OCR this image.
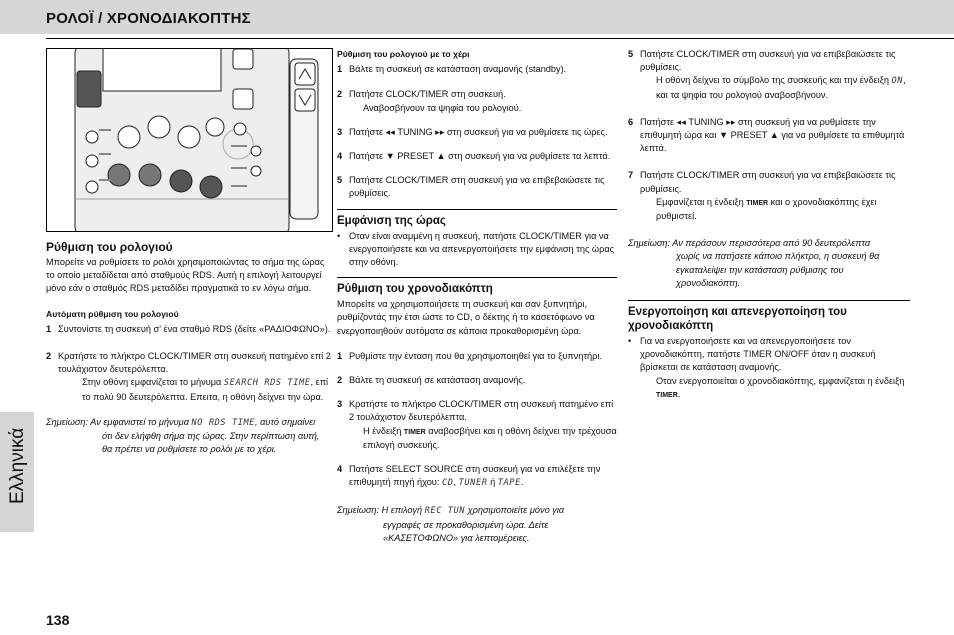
ΡΟΛΟΪ / ΧΡΟΝΟΔΙΑΚΟΠΤΗΣ
Ελληνικά
138
Ρύθμιση του ρολογιού
Μπορείτε να ρυθμίσετε το ρολόι χρησιμοποιώντας το σήμα της ώρας το οποίο μεταδίδεται από σταθμούς RDS. Αυτή η επιλογή λειτουργεί μόνο εάν ο σταθμός RDS μεταδίδει πραγματικά το εν λόγω σήμα.
Αυτόματη ρύθμιση του ρολογιού
1 Συντονίστε τη συσκευή σ' ένα σταθμό RDS (δείτε «ΡΑΔΙΟΦΩΝΟ»).
2 Κρατήστε το πλήκτρο CLOCK/TIMER στη συσκευή πατημένο επί 2 τουλάχιστον δευτερόλεπτα.
Στην οθόνη εμφανίζεται το μήνυμα SEARCH RDS TIME, επί το πολύ 90 δευτερόλεπτα. Επειτα, η οθόνη δείχνει την ώρα.
Σημείωση: Αν εμφανιστεί το μήνυμα NO RDS TIME, αυτό σημαίνει
ότι δεν ελήφθη σήμα της ώρας. Στην περίπτωση αυτή, θα πρέπει να ρυθμίσετε το ρολόι με το χέρι.
Ρύθμιση του ρολογιού με το χέρι
1 Βάλτε τη συσκευή σε κατάσταση αναμονής (standby).
2 Πατήστε CLOCK/TIMER στη συσκευή.
Αναβοσβήνουν τα ψηφία του ρολογιού.
3 Πατήστε ◂◂ TUNING ▸▸ στη συσκευή για να ρυθμίσετε τις ώρες.
4 Πατήστε ▼ PRESET ▲ στη συσκευή για να ρυθμίσετε τα λεπτά.
5 Πατήστε CLOCK/TIMER στη συσκευή για να επιβεβαιώσετε τις ρυθμίσεις.
Εμφάνιση της ώρας
• Οταν είναι αναμμένη η συσκευή, πατήστε CLOCK/TIMER για να ενεργοποιήσετε και να απενεργοποιήσετε την εμφάνιση της ώρας στην οθόνη.
Ρύθμιση του χρονοδιακόπτη
Μπορείτε να χρησιμοποιήσετε τη συσκευή και σαν ξυπνητήρι, ρυθμίζοντάς την έτσι ώστε το CD, ο δέκτης ή το κασετόφωνο να ενεργοποιηθούν αυτόματα σε κάποια προκαθορισμένη ώρα.
1 Ρυθμίστε την ένταση που θα χρησιμοποιηθεί για το ξυπνητήρι.
2 Βάλτε τη συσκευή σε κατάσταση αναμονής.
3 Κρατήστε το πλήκτρο CLOCK/TIMER στη συσκευή πατημένο επί 2 τουλάχιστον δευτερόλεπτα.
Η ένδειξη TIMER αναβοσβήνει και η οθόνη δείχνει την τρέχουσα επιλογή συσκευής.
4 Πατήστε SELECT SOURCE στη συσκευή για να επιλέξετε την επιθυμητή πηγή ήχου: CD, TUNER ή TAPE.
Σημείωση: Η επιλογή REC TUN χρησιμοποιείτε μόνο για
εγγραφές σε προκαθορισμένη ώρα. Δείτε «ΚΑΣΕΤΟΦΩΝΟ» για λεπτομέρειες.
5 Πατήστε CLOCK/TIMER στη συσκευή για να επιβεβαιώσετε τις ρυθμίσεις.
Η οθόνη δείχνει το σύμβολο της συσκευής και την ένδειξη ON, και τα ψηφία του ρολογιού αναβοσβήνουν.
6 Πατήστε ◂◂ TUNING ▸▸ στη συσκευή για να ρυθμίσετε την επιθυμητή ώρα και ▼ PRESET ▲ για να ρυθμίσετε τα επιθυμητά λεπτά.
7 Πατήστε CLOCK/TIMER στη συσκευή για να επιβεβαιώσετε τις ρυθμίσεις.
Εμφανίζεται η ένδειξη TIMER και ο χρονοδιακόπτης έχει ρυθμιστεί.
Σημείωση: Αν περάσουν περισσότερα από 90 δευτερόλεπτα
χωρίς να πατήσετε κάποιο πλήκτρο, η συσκευή θα εγκαταλείψει την κατάσταση ρύθμισης του χρονοδιακόπτη.
Ενεργοποίηση και απενεργοποίηση του χρονοδιακόπτη
• Για να ενεργοποιήσετε και να απενεργοποιήσετε τον χρονοδιακόπτη, πατήστε TIMER ON/OFF όταν η συσκευή βρίσκεται σε κατάσταση αναμονής.
Οταν ενεργοποιείται ο χρονοδιακόπτης, εμφανίζεται η ένδειξη TIMER.
